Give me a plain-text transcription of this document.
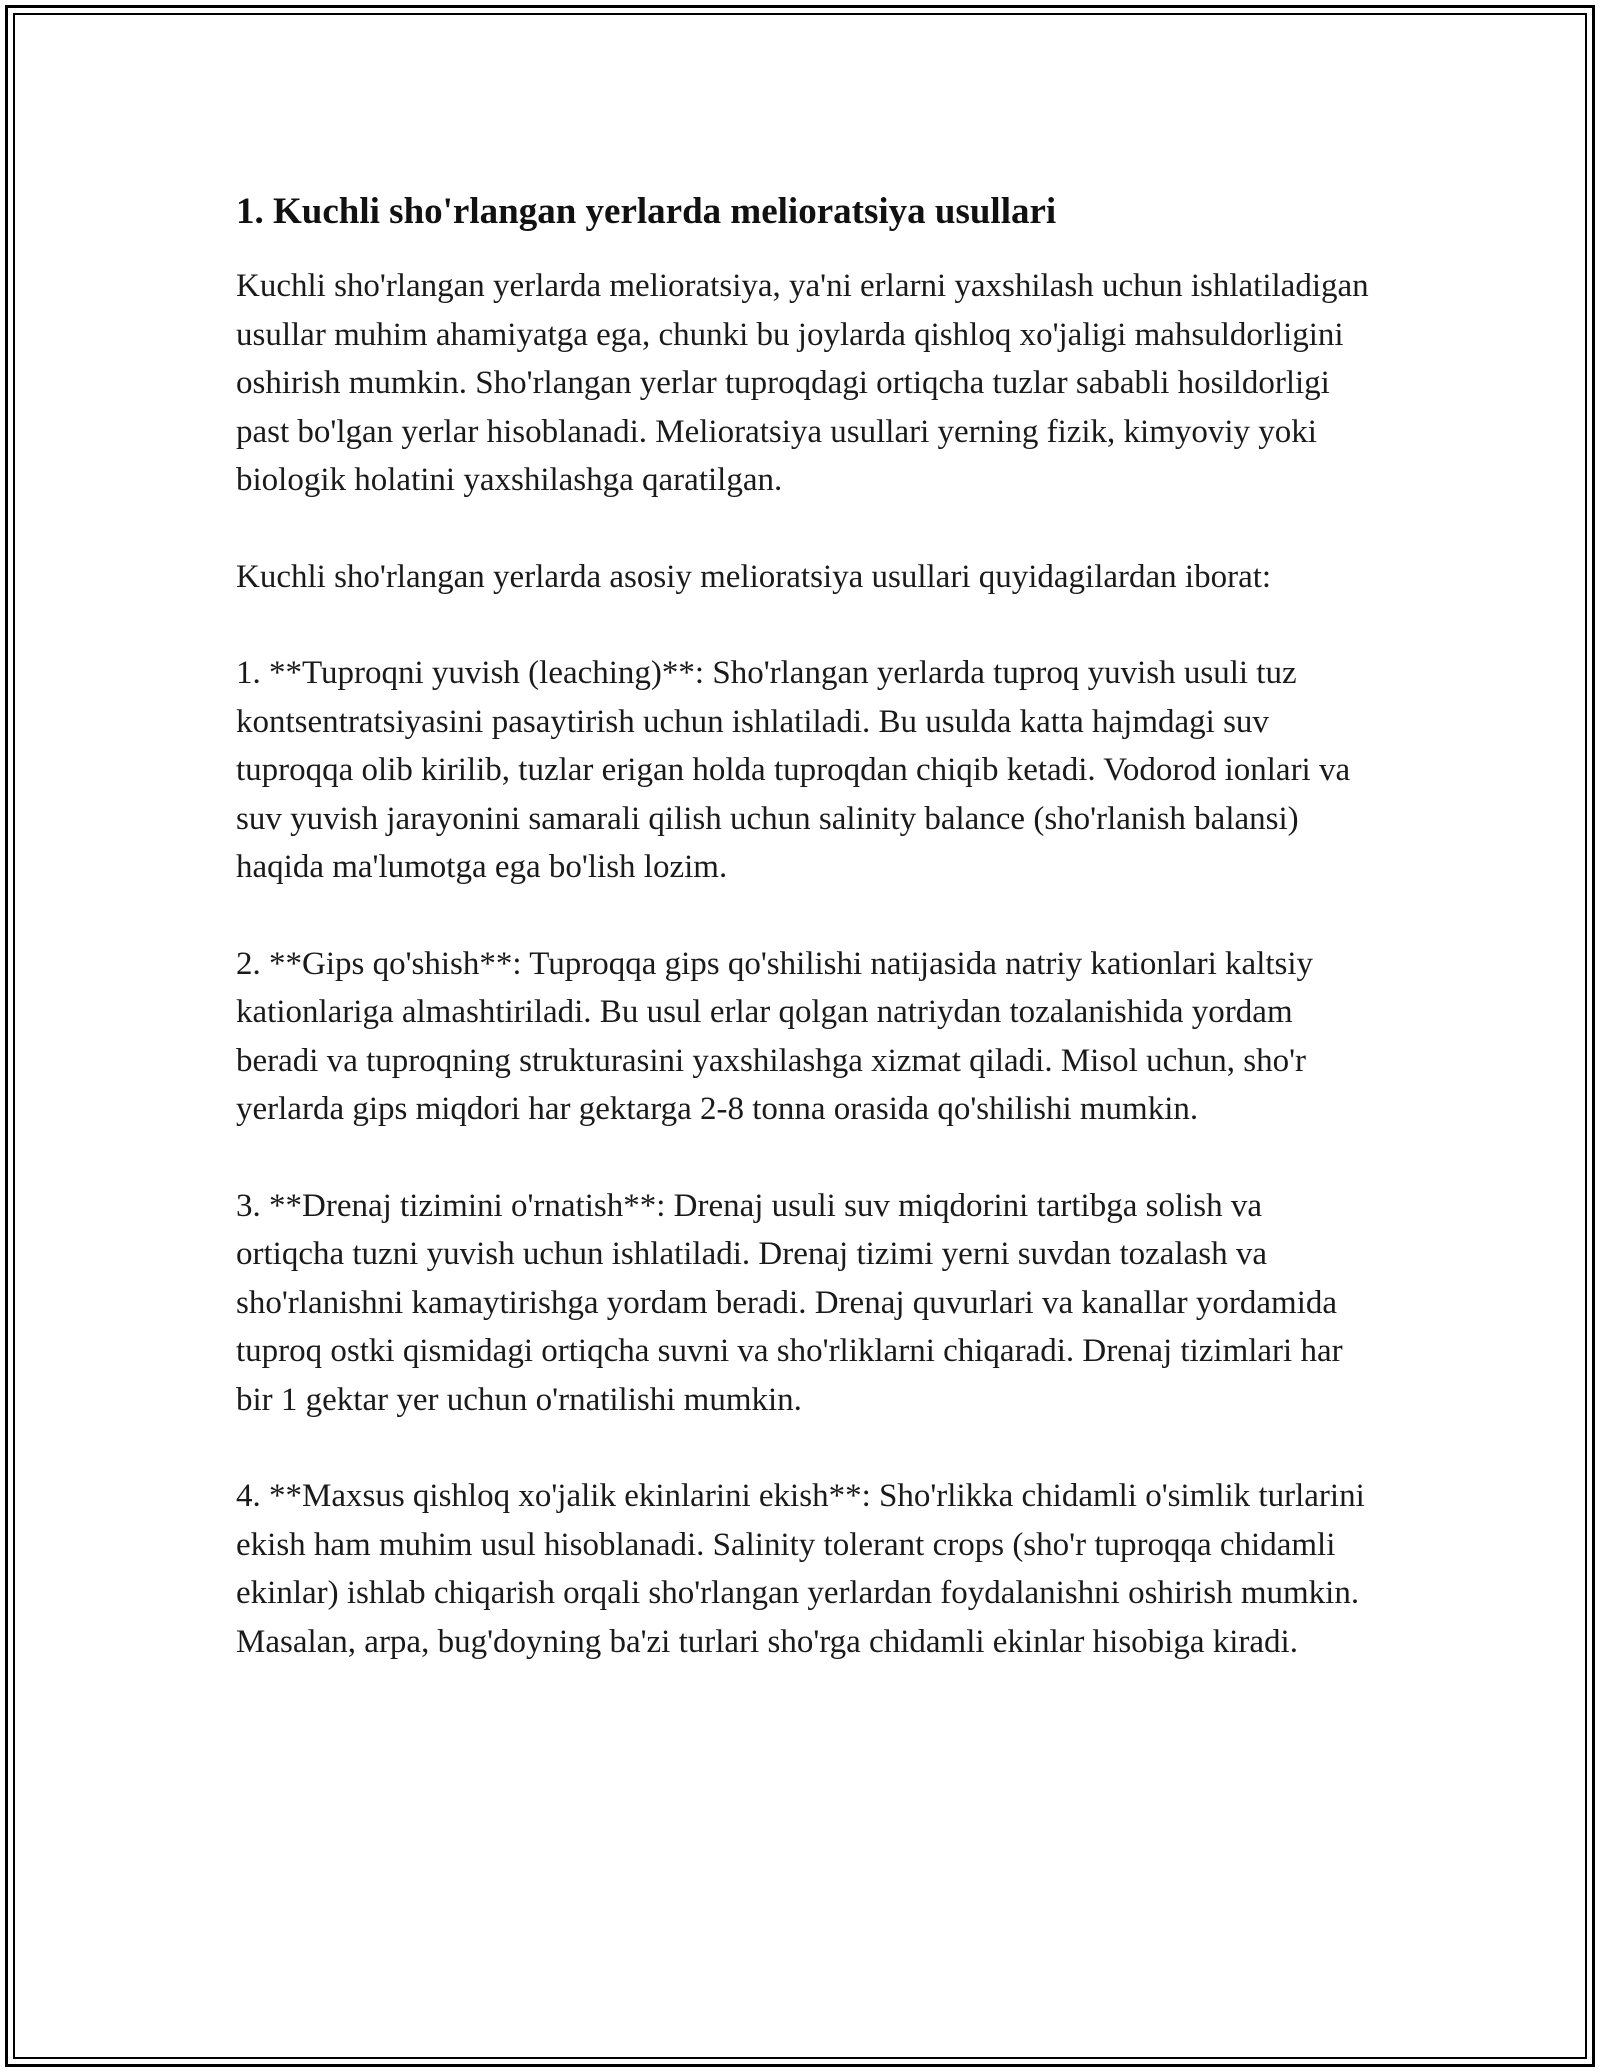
1. Kuchli sho'rlangan yerlarda melioratsiya usullari

Kuchli sho'rlangan yerlarda melioratsiya, ya'ni erlarni yaxshilash uchun ishlatiladigan usullar muhim ahamiyatga ega, chunki bu joylarda qishloq xo'jaligi mahsuldorligini oshirish mumkin. Sho'rlangan yerlar tuproqdagi ortiqcha tuzlar sababli hosildorligi past bo'lgan yerlar hisoblanadi. Melioratsiya usullari yerning fizik, kimyoviy yoki biologik holatini yaxshilashga qaratilgan.

Kuchli sho'rlangan yerlarda asosiy melioratsiya usullari quyidagilardan iborat:

1. **Tuproqni yuvish (leaching)**: Sho'rlangan yerlarda tuproq yuvish usuli tuz kontsentratsiyasini pasaytirish uchun ishlatiladi. Bu usulda katta hajmdagi suv tuproqqa olib kirilib, tuzlar erigan holda tuproqdan chiqib ketadi. Vodorod ionlari va suv yuvish jarayonini samarali qilish uchun salinity balance (sho'rlanish balansi) haqida ma'lumotga ega bo'lish lozim.

2. **Gips qo'shish**: Tuproqqa gips qo'shilishi natijasida natriy kationlari kaltsiy kationlariga almashtiriladi. Bu usul erlar qolgan natriydan tozalanishida yordam beradi va tuproqning strukturasini yaxshilashga xizmat qiladi. Misol uchun, sho'r yerlarda gips miqdori har gektarga 2-8 tonna orasida qo'shilishi mumkin.

3. **Drenaj tizimini o'rnatish**: Drenaj usuli suv miqdorini tartibga solish va ortiqcha tuzni yuvish uchun ishlatiladi. Drenaj tizimi yerni suvdan tozalash va sho'rlanishni kamaytirishga yordam beradi. Drenaj quvurlari va kanallar yordamida tuproq ostki qismidagi ortiqcha suvni va sho'rliklarni chiqaradi. Drenaj tizimlari har bir 1 gektar yer uchun o'rnatilishi mumkin.

4. **Maxsus qishloq xo'jalik ekinlarini ekish**: Sho'rlikka chidamli o'simlik turlarini ekish ham muhim usul hisoblanadi. Salinity tolerant crops (sho'r tuproqqa chidamli ekinlar) ishlab chiqarish orqali sho'rlangan yerlardan foydalanishni oshirish mumkin. Masalan, arpa, bug'doyning ba'zi turlari sho'rga chidamli ekinlar hisobiga kiradi.
